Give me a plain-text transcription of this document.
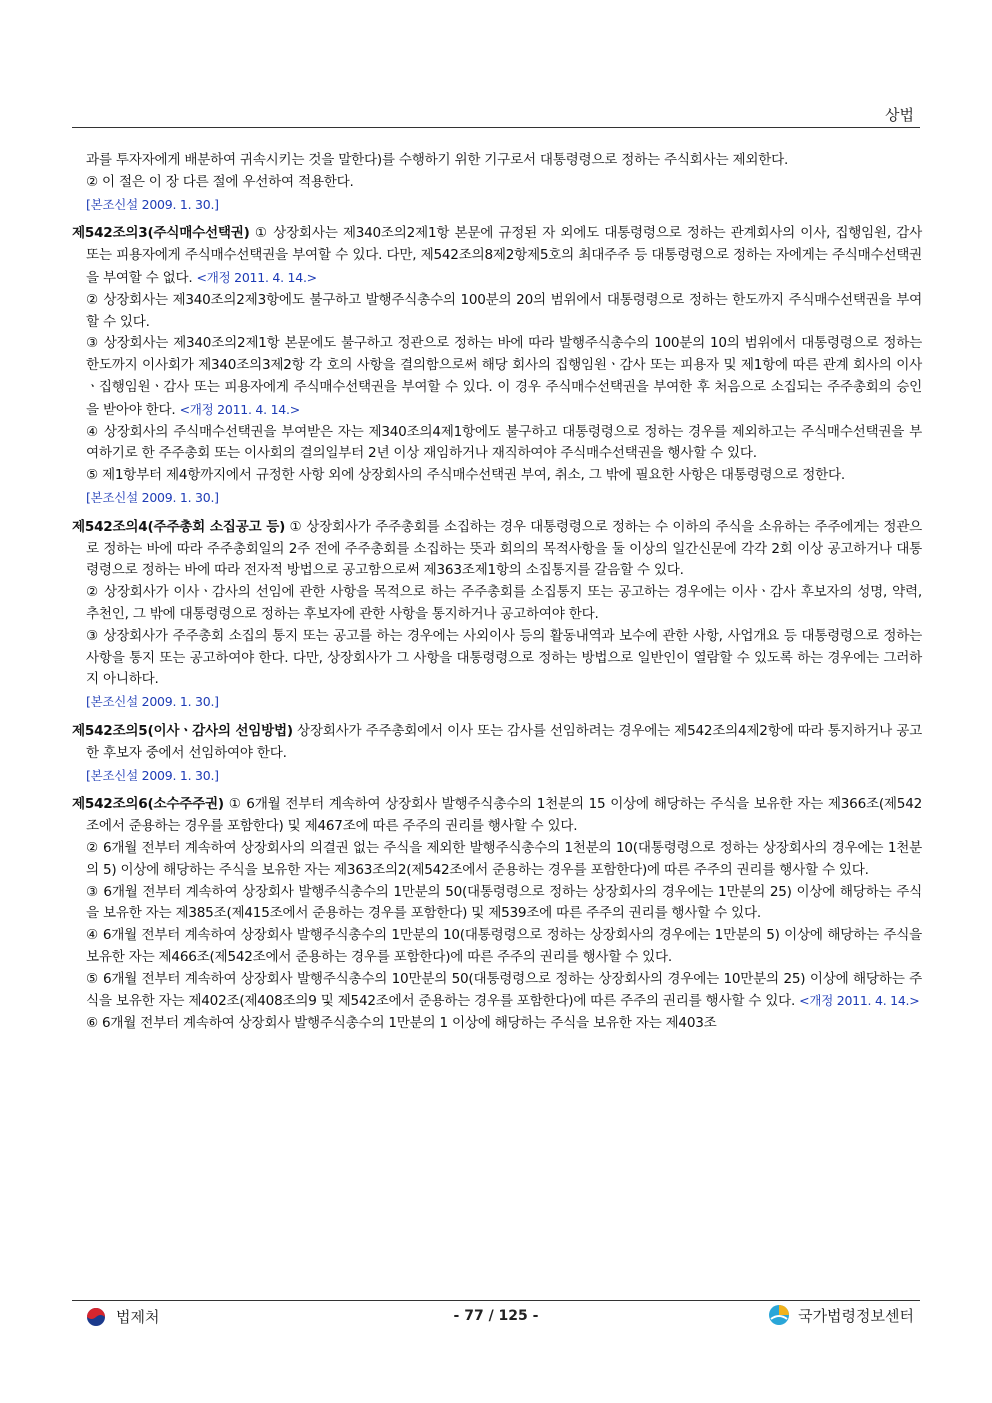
상법

과를 투자자에게 배분하여 귀속시키는 것을 말한다)를 수행하기 위한 기구로서 대통령령으로 정하는 주식회사는 제외한다.

② 이 절은 이 장 다른 절에 우선하여 적용한다.

[본조신설 2009. 1. 30.]

제542조의3(주식매수선택권) ① 상장회사는 제340조의2제1항 본문에 규정된 자 외에도 대통령령으로 정하는 관계회사의 이사, 집행임원, 감사 또는 피용자에게 주식매수선택권을 부여할 수 있다. 다만, 제542조의8제2항제5호의 최대주주 등 대통령령으로 정하는 자에게는 주식매수선택권을 부여할 수 없다. <개정 2011. 4. 14.>

② 상장회사는 제340조의2제3항에도 불구하고 발행주식총수의 100분의 20의 범위에서 대통령령으로 정하는 한도까지 주식매수선택권을 부여할 수 있다.

③ 상장회사는 제340조의2제1항 본문에도 불구하고 정관으로 정하는 바에 따라 발행주식총수의 100분의 10의 범위에서 대통령령으로 정하는 한도까지 이사회가 제340조의3제2항 각 호의 사항을 결의함으로써 해당 회사의 집행임원ㆍ감사 또는 피용자 및 제1항에 따른 관계 회사의 이사ㆍ집행임원ㆍ감사 또는 피용자에게 주식매수선택권을 부여할 수 있다. 이 경우 주식매수선택권을 부여한 후 처음으로 소집되는 주주총회의 승인을 받아야 한다. <개정 2011. 4. 14.>

④ 상장회사의 주식매수선택권을 부여받은 자는 제340조의4제1항에도 불구하고 대통령령으로 정하는 경우를 제외하고는 주식매수선택권을 부여하기로 한 주주총회 또는 이사회의 결의일부터 2년 이상 재임하거나 재직하여야 주식매수선택권을 행사할 수 있다.

⑤ 제1항부터 제4항까지에서 규정한 사항 외에 상장회사의 주식매수선택권 부여, 취소, 그 밖에 필요한 사항은 대통령령으로 정한다.

[본조신설 2009. 1. 30.]

제542조의4(주주총회 소집공고 등) ① 상장회사가 주주총회를 소집하는 경우 대통령령으로 정하는 수 이하의 주식을 소유하는 주주에게는 정관으로 정하는 바에 따라 주주총회일의 2주 전에 주주총회를 소집하는 뜻과 회의의 목적사항을 둘 이상의 일간신문에 각각 2회 이상 공고하거나 대통령령으로 정하는 바에 따라 전자적 방법으로 공고함으로써 제363조제1항의 소집통지를 갈음할 수 있다.

② 상장회사가 이사ㆍ감사의 선임에 관한 사항을 목적으로 하는 주주총회를 소집통지 또는 공고하는 경우에는 이사ㆍ감사 후보자의 성명, 약력, 추천인, 그 밖에 대통령령으로 정하는 후보자에 관한 사항을 통지하거나 공고하여야 한다.

③ 상장회사가 주주총회 소집의 통지 또는 공고를 하는 경우에는 사외이사 등의 활동내역과 보수에 관한 사항, 사업개요 등 대통령령으로 정하는 사항을 통지 또는 공고하여야 한다. 다만, 상장회사가 그 사항을 대통령령으로 정하는 방법으로 일반인이 열람할 수 있도록 하는 경우에는 그러하지 아니하다.

[본조신설 2009. 1. 30.]

제542조의5(이사ㆍ감사의 선임방법) 상장회사가 주주총회에서 이사 또는 감사를 선임하려는 경우에는 제542조의4제2항에 따라 통지하거나 공고한 후보자 중에서 선임하여야 한다.

[본조신설 2009. 1. 30.]

제542조의6(소수주주권) ① 6개월 전부터 계속하여 상장회사 발행주식총수의 1천분의 15 이상에 해당하는 주식을 보유한 자는 제366조(제542조에서 준용하는 경우를 포함한다) 및 제467조에 따른 주주의 권리를 행사할 수 있다.

② 6개월 전부터 계속하여 상장회사의 의결권 없는 주식을 제외한 발행주식총수의 1천분의 10(대통령령으로 정하는 상장회사의 경우에는 1천분의 5) 이상에 해당하는 주식을 보유한 자는 제363조의2(제542조에서 준용하는 경우를 포함한다)에 따른 주주의 권리를 행사할 수 있다.

③ 6개월 전부터 계속하여 상장회사 발행주식총수의 1만분의 50(대통령령으로 정하는 상장회사의 경우에는 1만분의 25) 이상에 해당하는 주식을 보유한 자는 제385조(제415조에서 준용하는 경우를 포함한다) 및 제539조에 따른 주주의 권리를 행사할 수 있다.

④ 6개월 전부터 계속하여 상장회사 발행주식총수의 1만분의 10(대통령령으로 정하는 상장회사의 경우에는 1만분의 5) 이상에 해당하는 주식을 보유한 자는 제466조(제542조에서 준용하는 경우를 포함한다)에 따른 주주의 권리를 행사할 수 있다.

⑤ 6개월 전부터 계속하여 상장회사 발행주식총수의 10만분의 50(대통령령으로 정하는 상장회사의 경우에는 10만분의 25) 이상에 해당하는 주식을 보유한 자는 제402조(제408조의9 및 제542조에서 준용하는 경우를 포함한다)에 따른 주주의 권리를 행사할 수 있다. <개정 2011. 4. 14.>

⑥ 6개월 전부터 계속하여 상장회사 발행주식총수의 1만분의 1 이상에 해당하는 주식을 보유한 자는 제403조

법제처	- 77 / 125 -	국가법령정보센터
